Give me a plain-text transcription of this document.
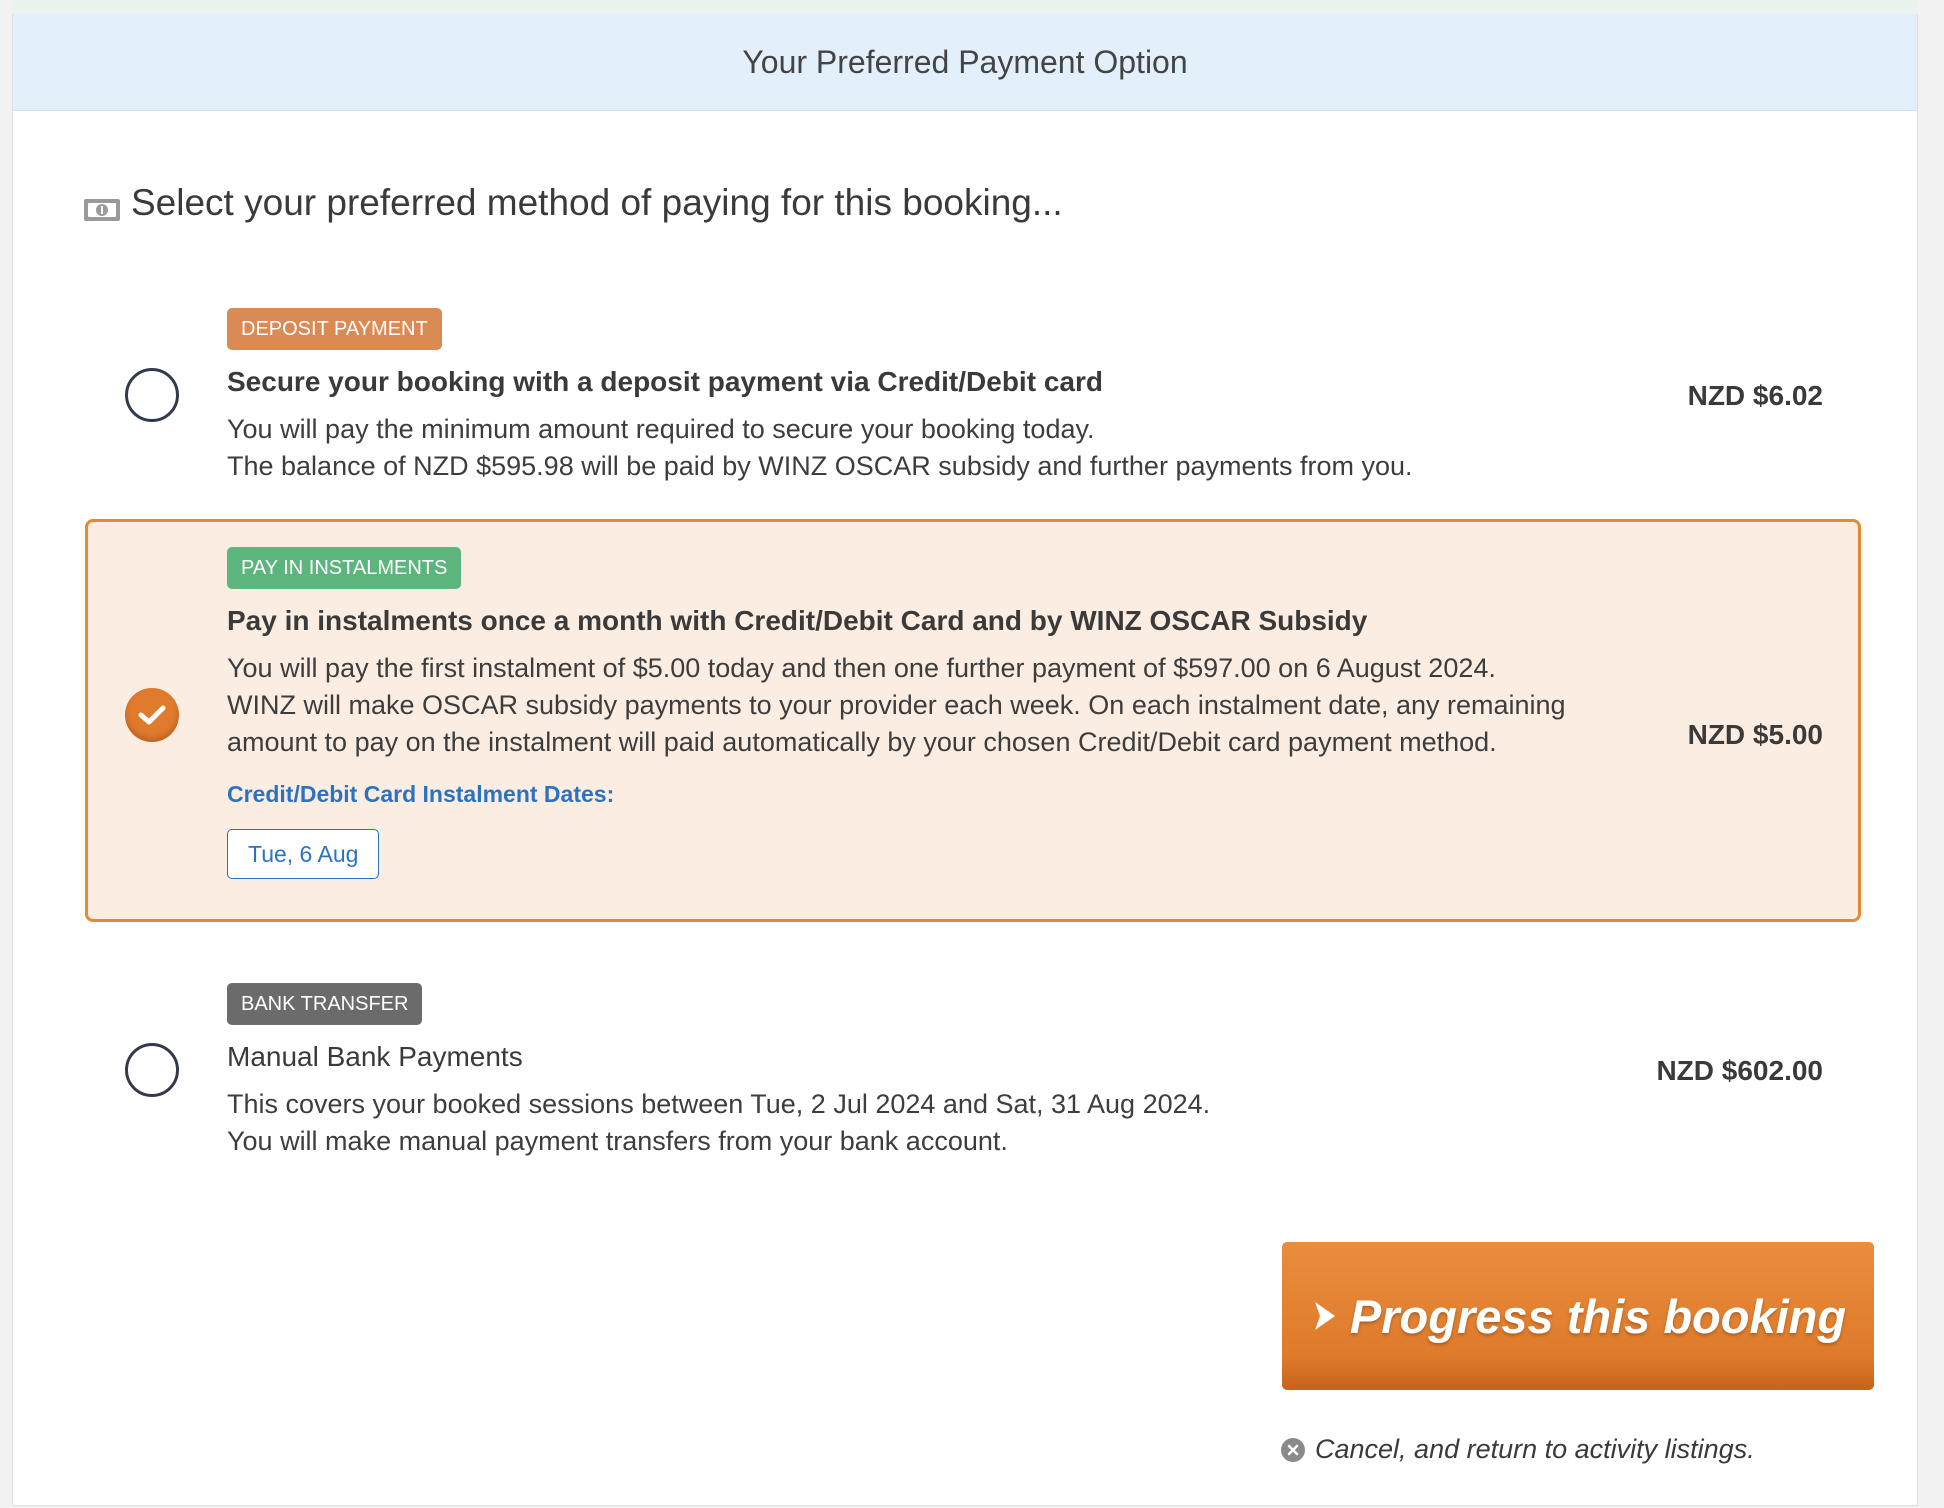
Your Preferred Payment Option
Select your preferred method of paying for this booking...
DEPOSIT PAYMENT
Secure your booking with a deposit payment via Credit/Debit card
You will pay the minimum amount required to secure your booking today.
The balance of NZD $595.98 will be paid by WINZ OSCAR subsidy and further payments from you.
NZD $6.02
PAY IN INSTALMENTS
Pay in instalments once a month with Credit/Debit Card and by WINZ OSCAR Subsidy
You will pay the first instalment of $5.00 today and then one further payment of $597.00 on 6 August 2024.
WINZ will make OSCAR subsidy payments to your provider each week. On each instalment date, any remaining
amount to pay on the instalment will paid automatically by your chosen Credit/Debit card payment method.
Credit/Debit Card Instalment Dates:
Tue, 6 Aug
NZD $5.00
BANK TRANSFER
Manual Bank Payments
This covers your booked sessions between Tue, 2 Jul 2024 and Sat, 31 Aug 2024.
You will make manual payment transfers from your bank account.
NZD $602.00
Progress this booking
Cancel, and return to activity listings.
